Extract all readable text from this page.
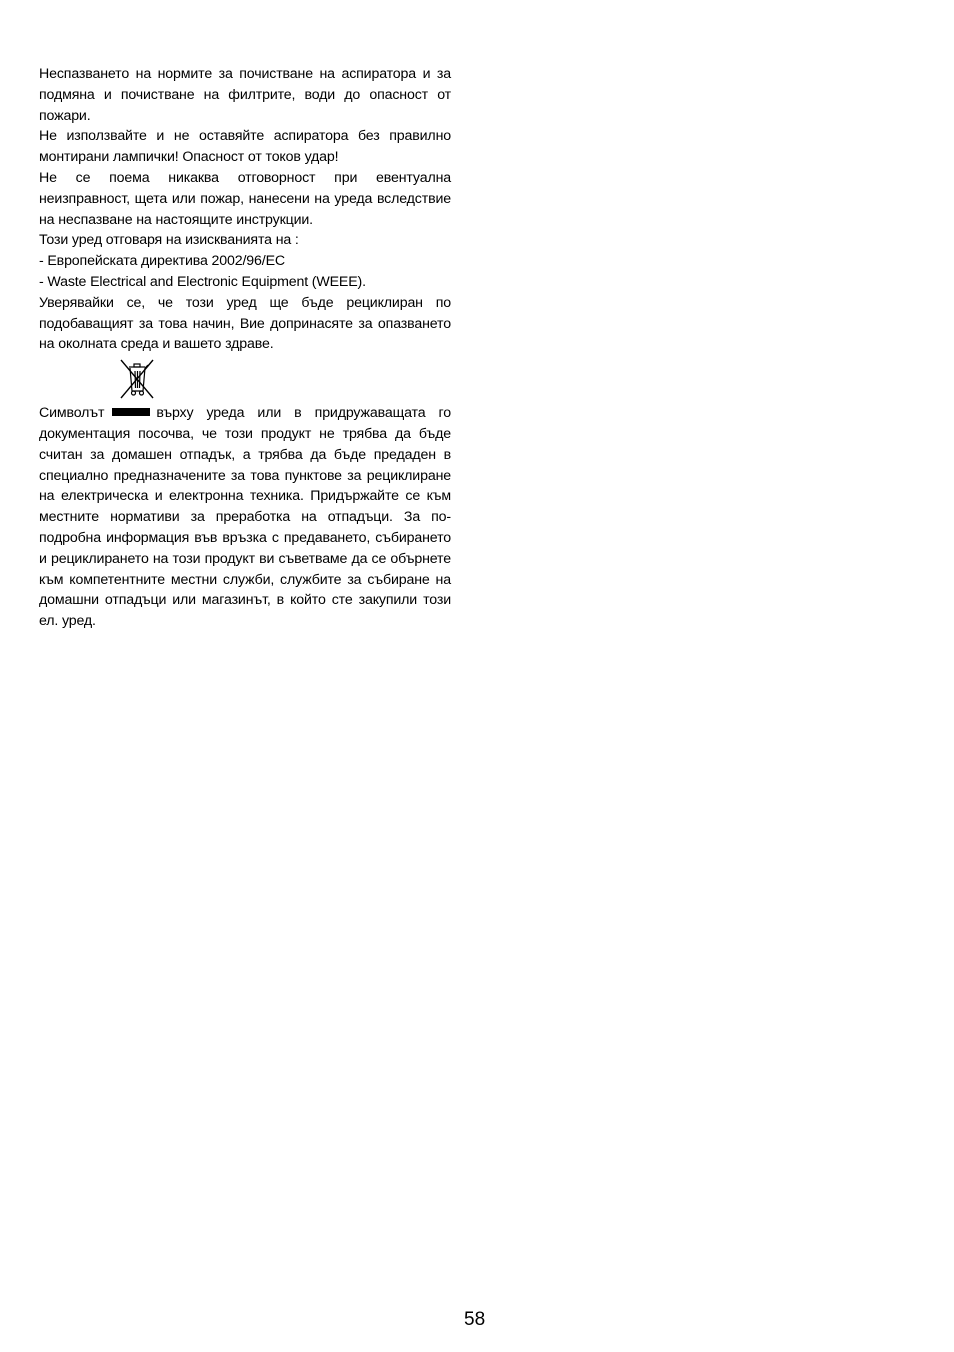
Неспазването на нормите за почистване на аспиратора и за подмяна и почистване на филтрите, води до опасност от пожари.

Не използвайте и не оставяйте аспиратора без правилно монтирани лампички! Опасност от токов удар!

Не се поема никаква отговорност при евентуална неизправност, щета или пожар, нанесени на уреда вследствие на неспазване на настоящите инструкции.

Този уред отговаря на изискванията на :

- Европейската директива 2002/96/EC

- Waste Electrical and Electronic Equipment (WEEE).

Уверявайки се, че този уред ще бъде рециклиран по подобаващият за това начин, Вие допринасяте за опазването на околната среда и вашето здраве.

Символът	върху уреда или в придружаващата го документация посочва, че този продукт не трябва да бъде считан за домашен отпадък, а трябва да бъде предаден в специално предназначените за това пунктове за рециклиране на електрическа и електронна техника. Придържайте се към местните нормативи за преработка на отпадъци. За по-подробна информация във връзка с предаването, събирането и рециклирането на този продукт ви съветваме да се обърнете към компетентните местни служби, службите за събиране на домашни отпадъци или магазинът, в който сте закупили този ел. уред.

58
